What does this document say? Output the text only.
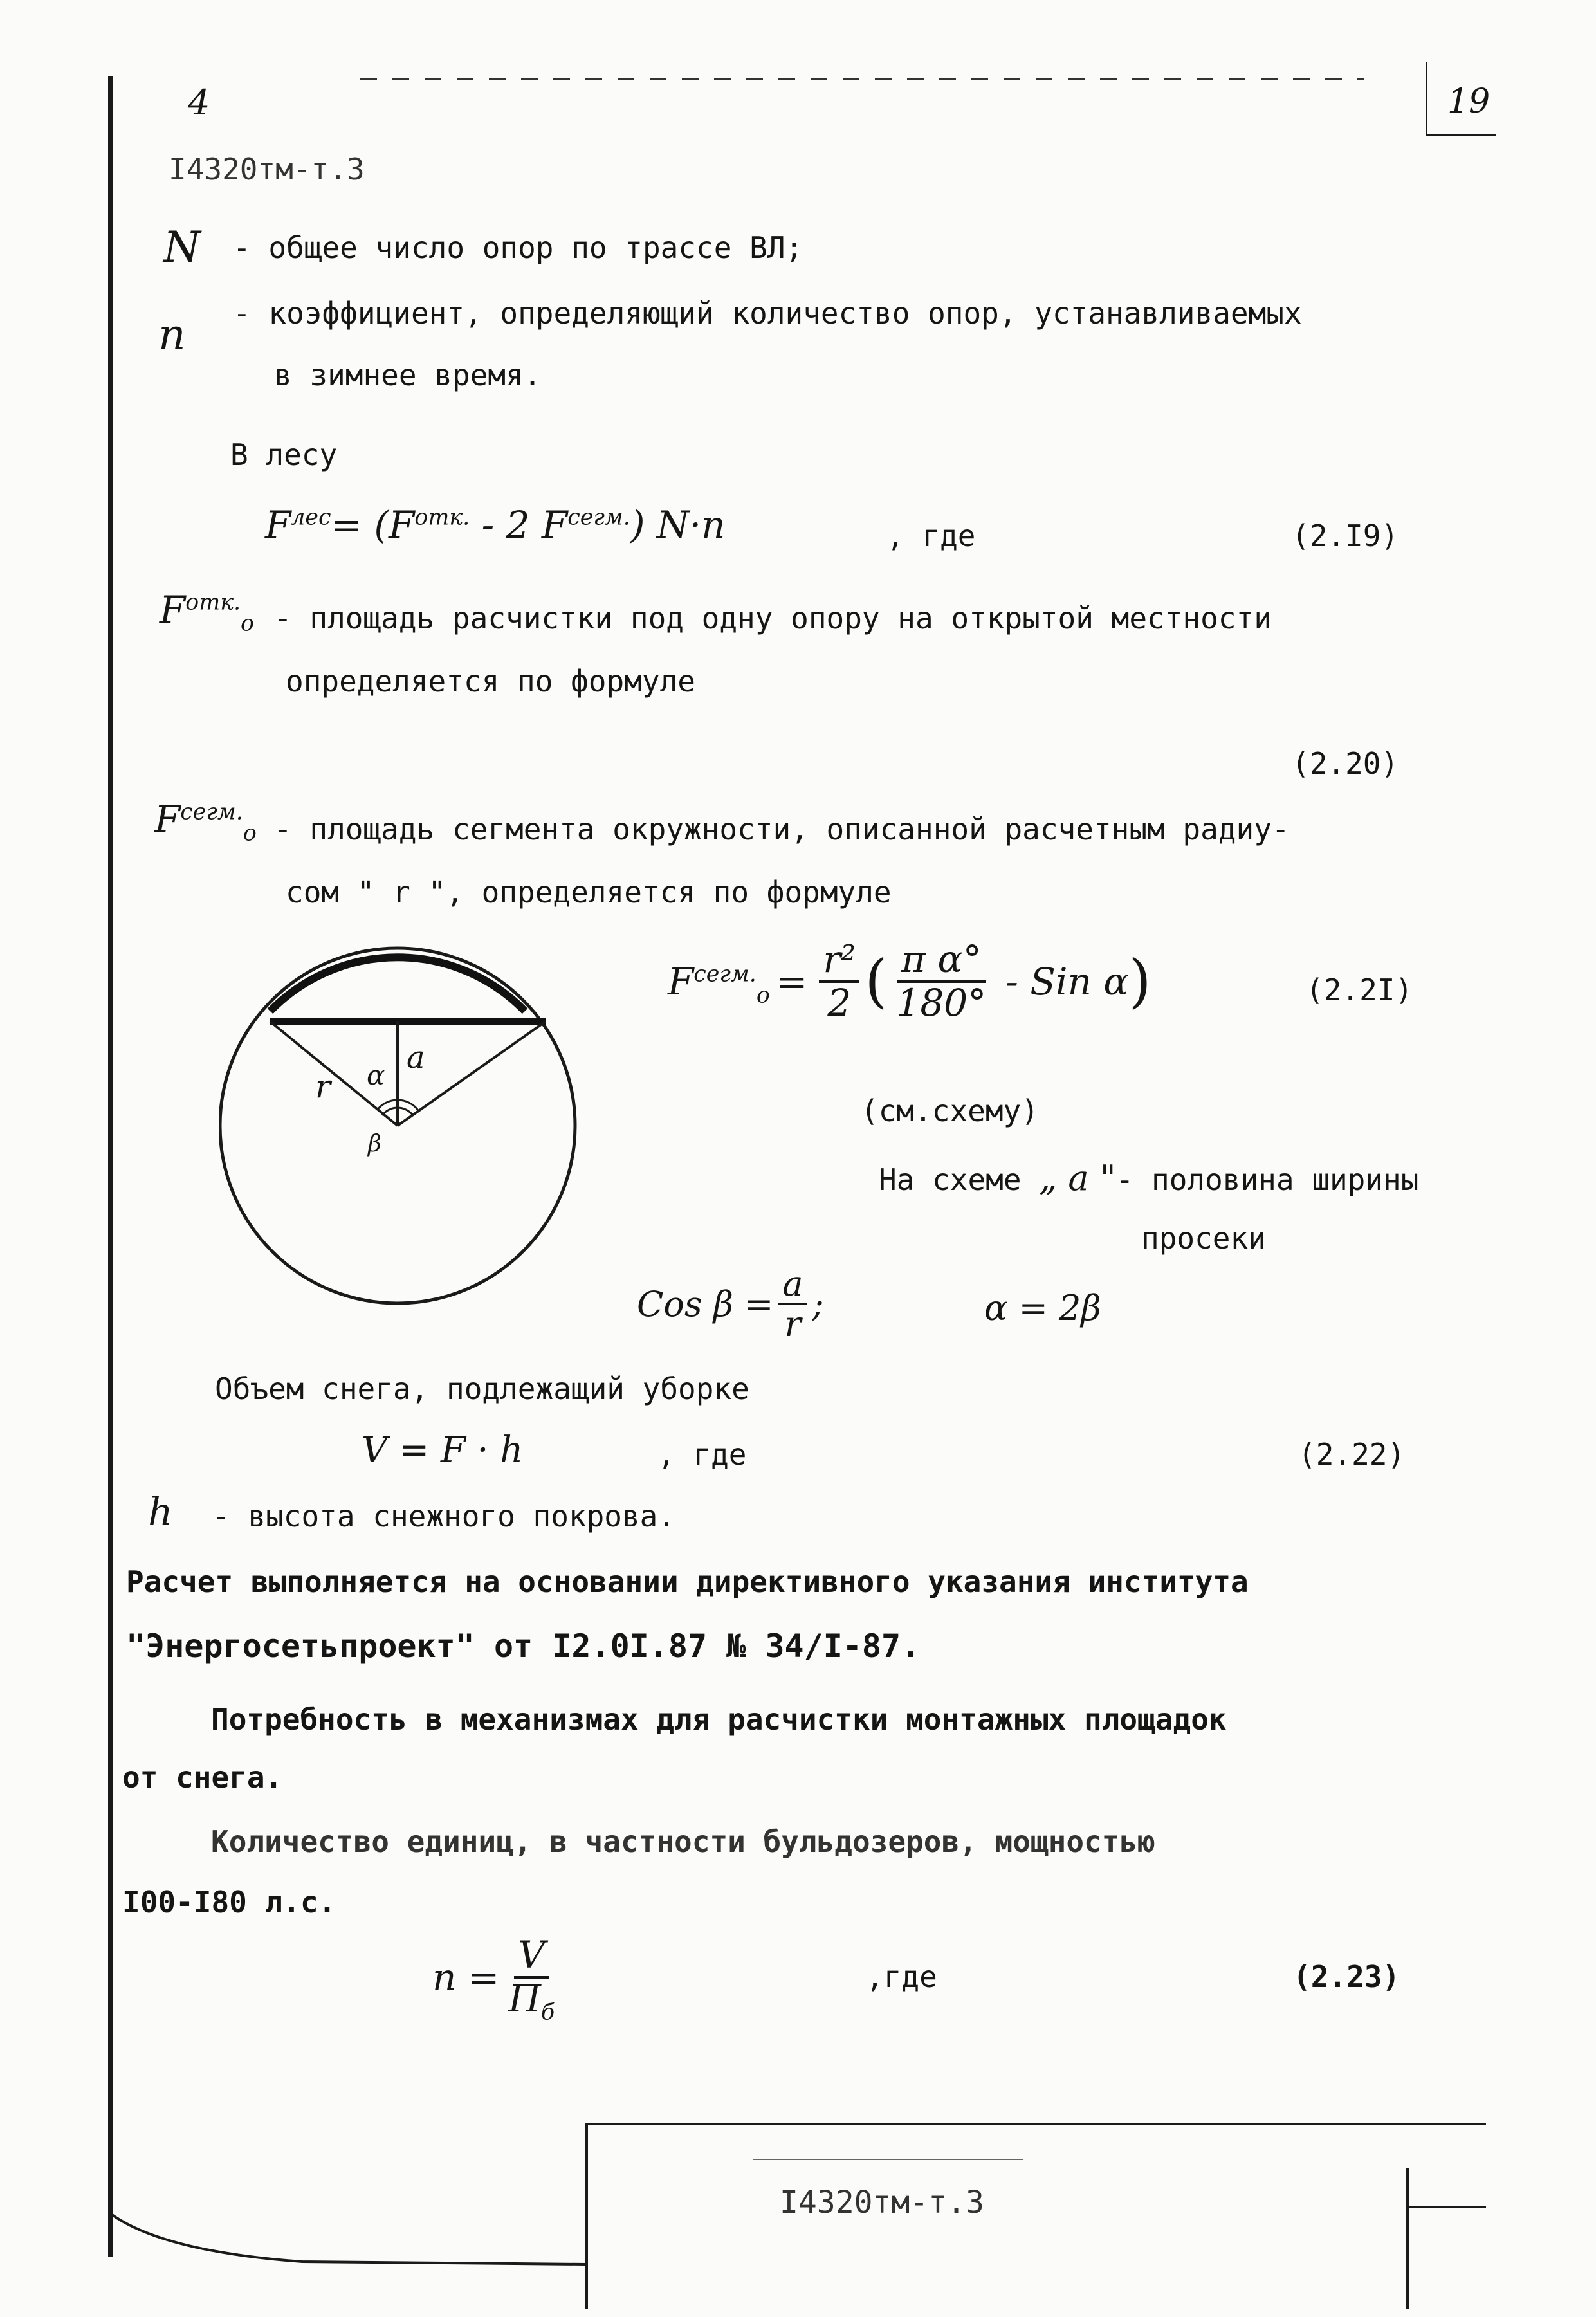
19
4
I4320тм-т.3
N - общее число опор по трассе ВЛ;
n - коэффициент, определяющий количество опор, устанавливаемых
в зимнее время.
В лесу
$F^{лес}= (F^{отк.} - 2$ $F^{сегм.}$) N·n	, где	(2.I9)
$F^{отк.}_o$ - площадь расчистки под одну опору на открытой местности
определяется по формуле
(2.20)
$F^{сегм.}_o$ - площадь сегмента окружности, описанной расчетным радиу-
сом " r ", определяется по формуле
$F^{сегм.}_o = \frac{\text{r²}}{2}$ ( $\frac{\text{π α°}}{180^\circ}$ - Sin α )	(2.2I)
r α a
β
(см.схему)
На схеме „ a "- половина ширины
просеки
Cos $\beta = \frac{a}{r}$ ;	α = 2β
Объем снега, подлежащий уборке
V = F · h	, где	(2.22)
h - высота снежного покрова.
Расчет выполняется на основании директивного указания института
"Энергосетьпроект" от I2.0I.87 № 34/I-87.
Потребность в механизмах для расчистки монтажных площадок
от снега.
Количество единиц, в частности бульдозеров, мощностью
I00-I80 л.с.
$n = \frac{V}{П_б}$	,где	(2.23)
I4320тм-т.3
